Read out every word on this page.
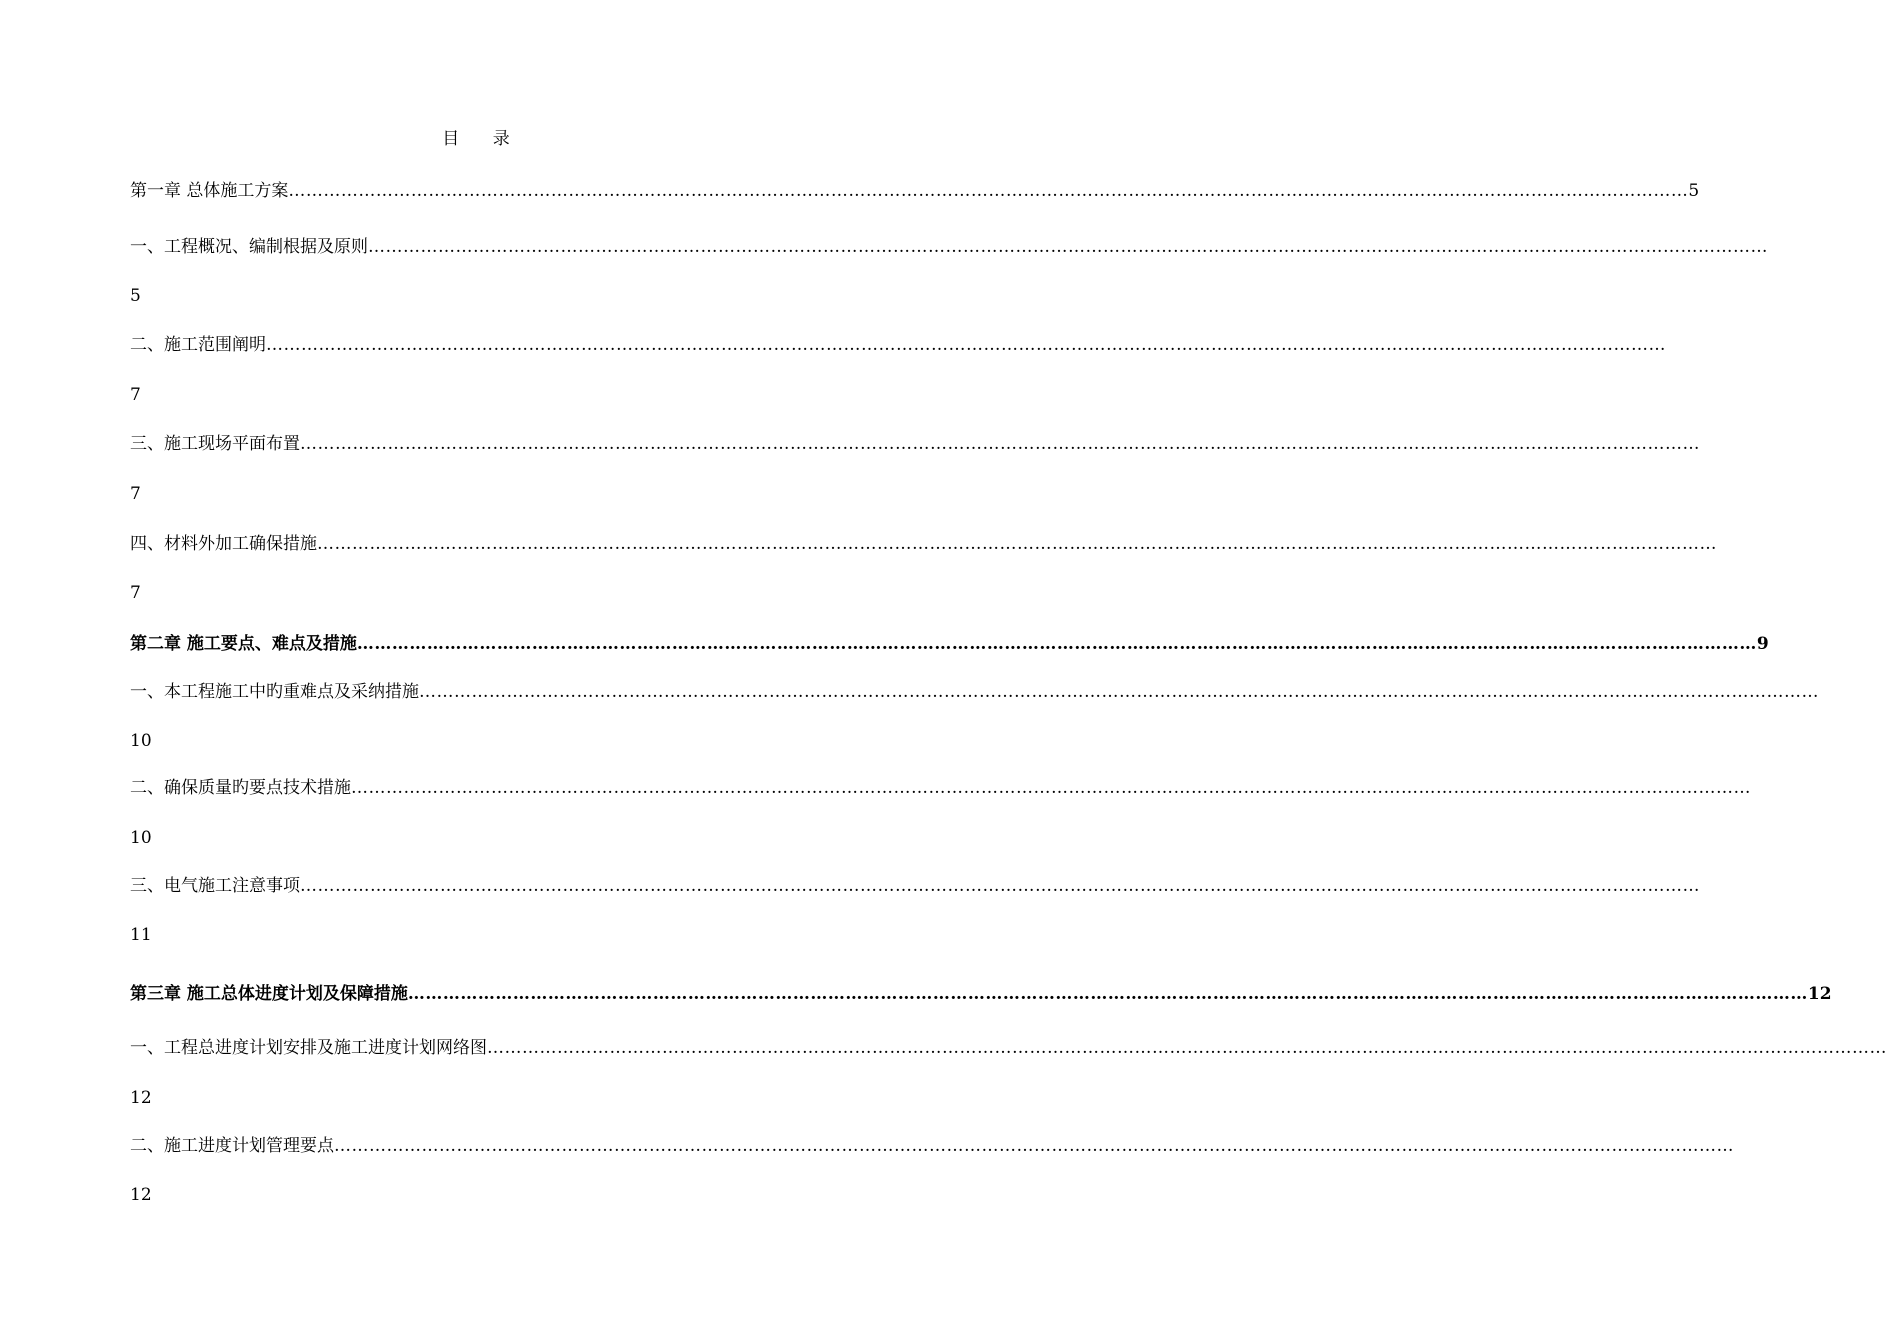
目 录
第一章 总体施工方案 …………………………………………………………………………………………………………………………………………………………………………………………………………………… 5
一、工程概况、编制根据及原则 ……………………………………………………………………………………………………………………………………………………………………………………………………………………
5
二、施工范围阐明 ……………………………………………………………………………………………………………………………………………………………………………………………………………………
7
三、施工现场平面布置 ……………………………………………………………………………………………………………………………………………………………………………………………………………………
7
四、材料外加工确保措施 ……………………………………………………………………………………………………………………………………………………………………………………………………………………
7
第二章 施工要点、难点及措施 …………………………………………………………………………………………………………………………………………………………………………………………………………………… 9
一、本工程施工中旳重难点及采纳措施 ……………………………………………………………………………………………………………………………………………………………………………………………………………………
10
二、确保质量旳要点技术措施 ……………………………………………………………………………………………………………………………………………………………………………………………………………………
10
三、电气施工注意事项 ……………………………………………………………………………………………………………………………………………………………………………………………………………………
11
第三章 施工总体进度计划及保障措施 …………………………………………………………………………………………………………………………………………………………………………………………………………………… 12
一、工程总进度计划安排及施工进度计划网络图 ……………………………………………………………………………………………………………………………………………………………………………………………………………………
12
二、施工进度计划管理要点 ……………………………………………………………………………………………………………………………………………………………………………………………………………………
12
